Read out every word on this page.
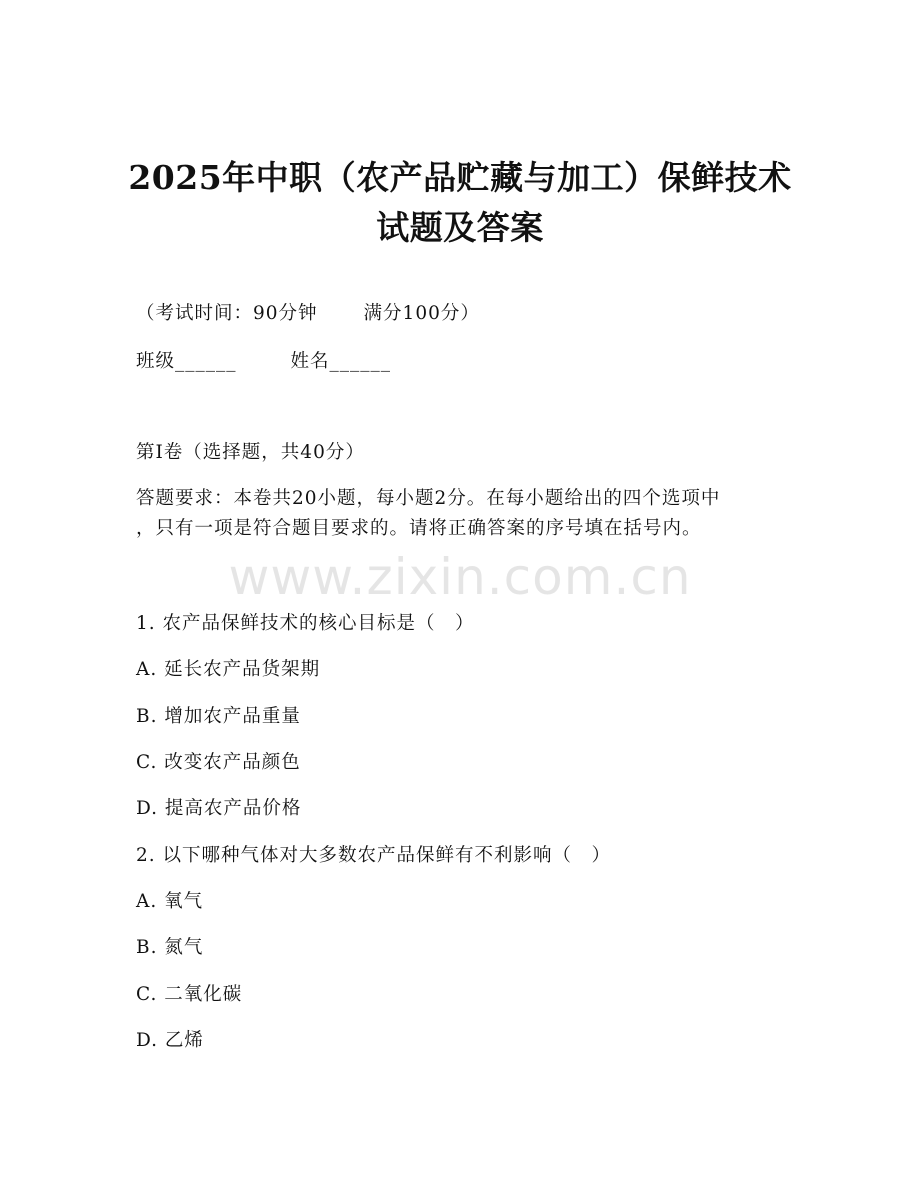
2025年中职（农产品贮藏与加工）保鲜技术
试题及答案
（考试时间：90分钟 满分100分）
班级______	姓名______
第Ⅰ卷（选择题，共40分）
答题要求：本卷共20小题，每小题2分。在每小题给出的四个选项中
，只有一项是符合题目要求的。请将正确答案的序号填在括号内。
www.zixin.com.cn
1. 农产品保鲜技术的核心目标是（　）
A. 延长农产品货架期
B. 增加农产品重量
C. 改变农产品颜色
D. 提高农产品价格
2. 以下哪种气体对大多数农产品保鲜有不利影响（　）
A. 氧气
B. 氮气
C. 二氧化碳
D. 乙烯
